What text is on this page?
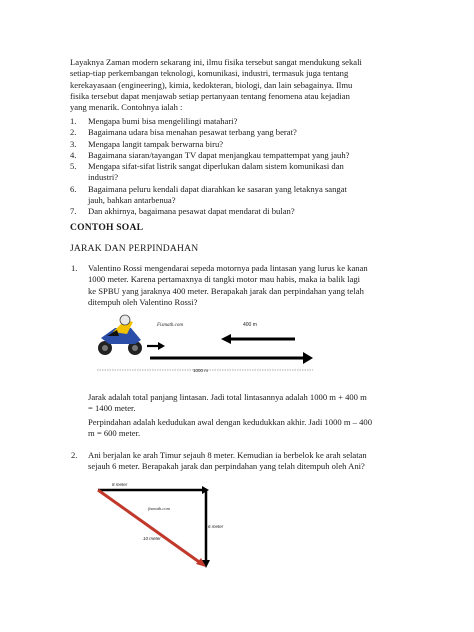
Layaknya Zaman modern sekarang ini, ilmu fisika tersebut sangat mendukung sekali
setiap-tiap perkembangan teknologi, komunikasi, industri, termasuk juga tentang
kerekayasaan (engineering), kimia, kedokteran, biologi, dan lain sebagainya. Ilmu
fisika tersebut dapat menjawab setiap pertanyaan tentang fenomena atau kejadian
yang menarik. Contohnya ialah :
1. Mengapa bumi bisa mengelilingi matahari?
2. Bagaimana udara bisa menahan pesawat terbang yang berat?
3. Mengapa langit tampak berwarna biru?
4. Bagaimana siaran/tayangan TV dapat menjangkau tempattempat yang jauh?
5. Mengapa sifat-sifat listrik sangat diperlukan dalam sistem komunikasi dan
industri?
6. Bagaimana peluru kendali dapat diarahkan ke sasaran yang letaknya sangat
jauh, bahkan antarbenua?
7. Dan akhirnya, bagaimana pesawat dapat mendarat di bulan?
CONTOH SOAL
JARAK DAN PERPINDAHAN
1. Valentino Rossi mengendarai sepeda motornya pada lintasan yang lurus ke kanan
1000 meter. Karena pertamaxnya di tangki motor mau habis, maka ia balik lagi
ke SPBU yang jaraknya 400 meter. Berapakah jarak dan perpindahan yang telah
ditempuh oleh Valentino Rossi?
Fismath.com	400 m
1000 m
Jarak adalah total panjang lintasan. Jadi total lintasannya adalah 1000 m + 400 m
= 1400 meter.
Perpindahan adalah kedudukan awal dengan kedudukkan akhir. Jadi 1000 m – 400
m = 600 meter.
2. Ani berjalan ke arah Timur sejauh 8 meter. Kemudian ia berbelok ke arah selatan
sejauh 6 meter. Berapakah jarak dan perpindahan yang telah ditempuh oleh Ani?
8 meter
6 meter
10 meter
fismath.com
